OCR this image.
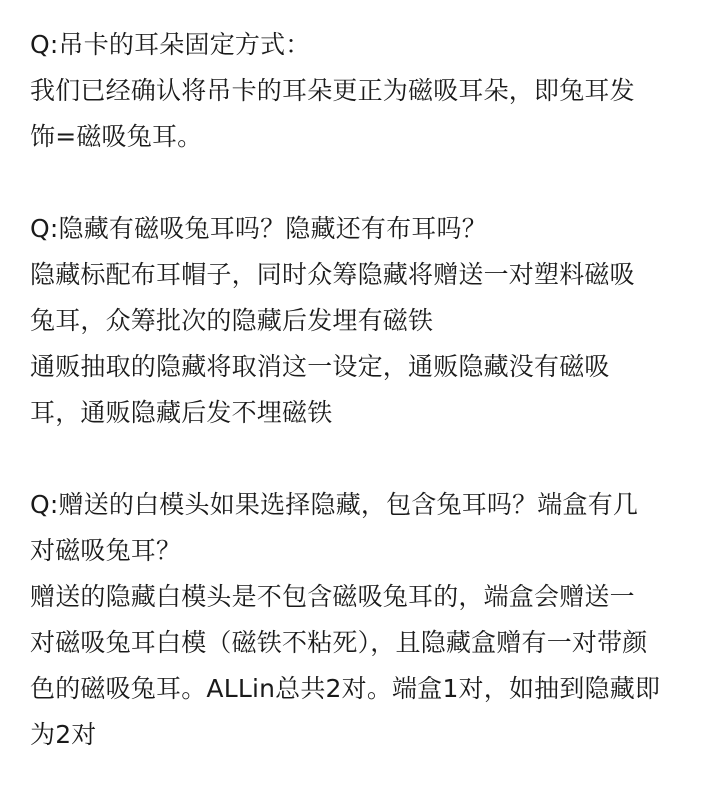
Q:吊卡的耳朵固定方式：
我们已经确认将吊卡的耳朵更正为磁吸耳朵，即兔耳发
饰=磁吸兔耳。
Q:隐藏有磁吸兔耳吗？隐藏还有布耳吗？
隐藏标配布耳帽子，同时众筹隐藏将赠送一对塑料磁吸
兔耳，众筹批次的隐藏后发埋有磁铁
通贩抽取的隐藏将取消这一设定，通贩隐藏没有磁吸
耳，通贩隐藏后发不埋磁铁
Q:赠送的白模头如果选择隐藏，包含兔耳吗？端盒有几
对磁吸兔耳？
赠送的隐藏白模头是不包含磁吸兔耳的，端盒会赠送一
对磁吸兔耳白模（磁铁不粘死），且隐藏盒赠有一对带颜
色的磁吸兔耳。ALLin总共2对。端盒1对，如抽到隐藏即
为2对
